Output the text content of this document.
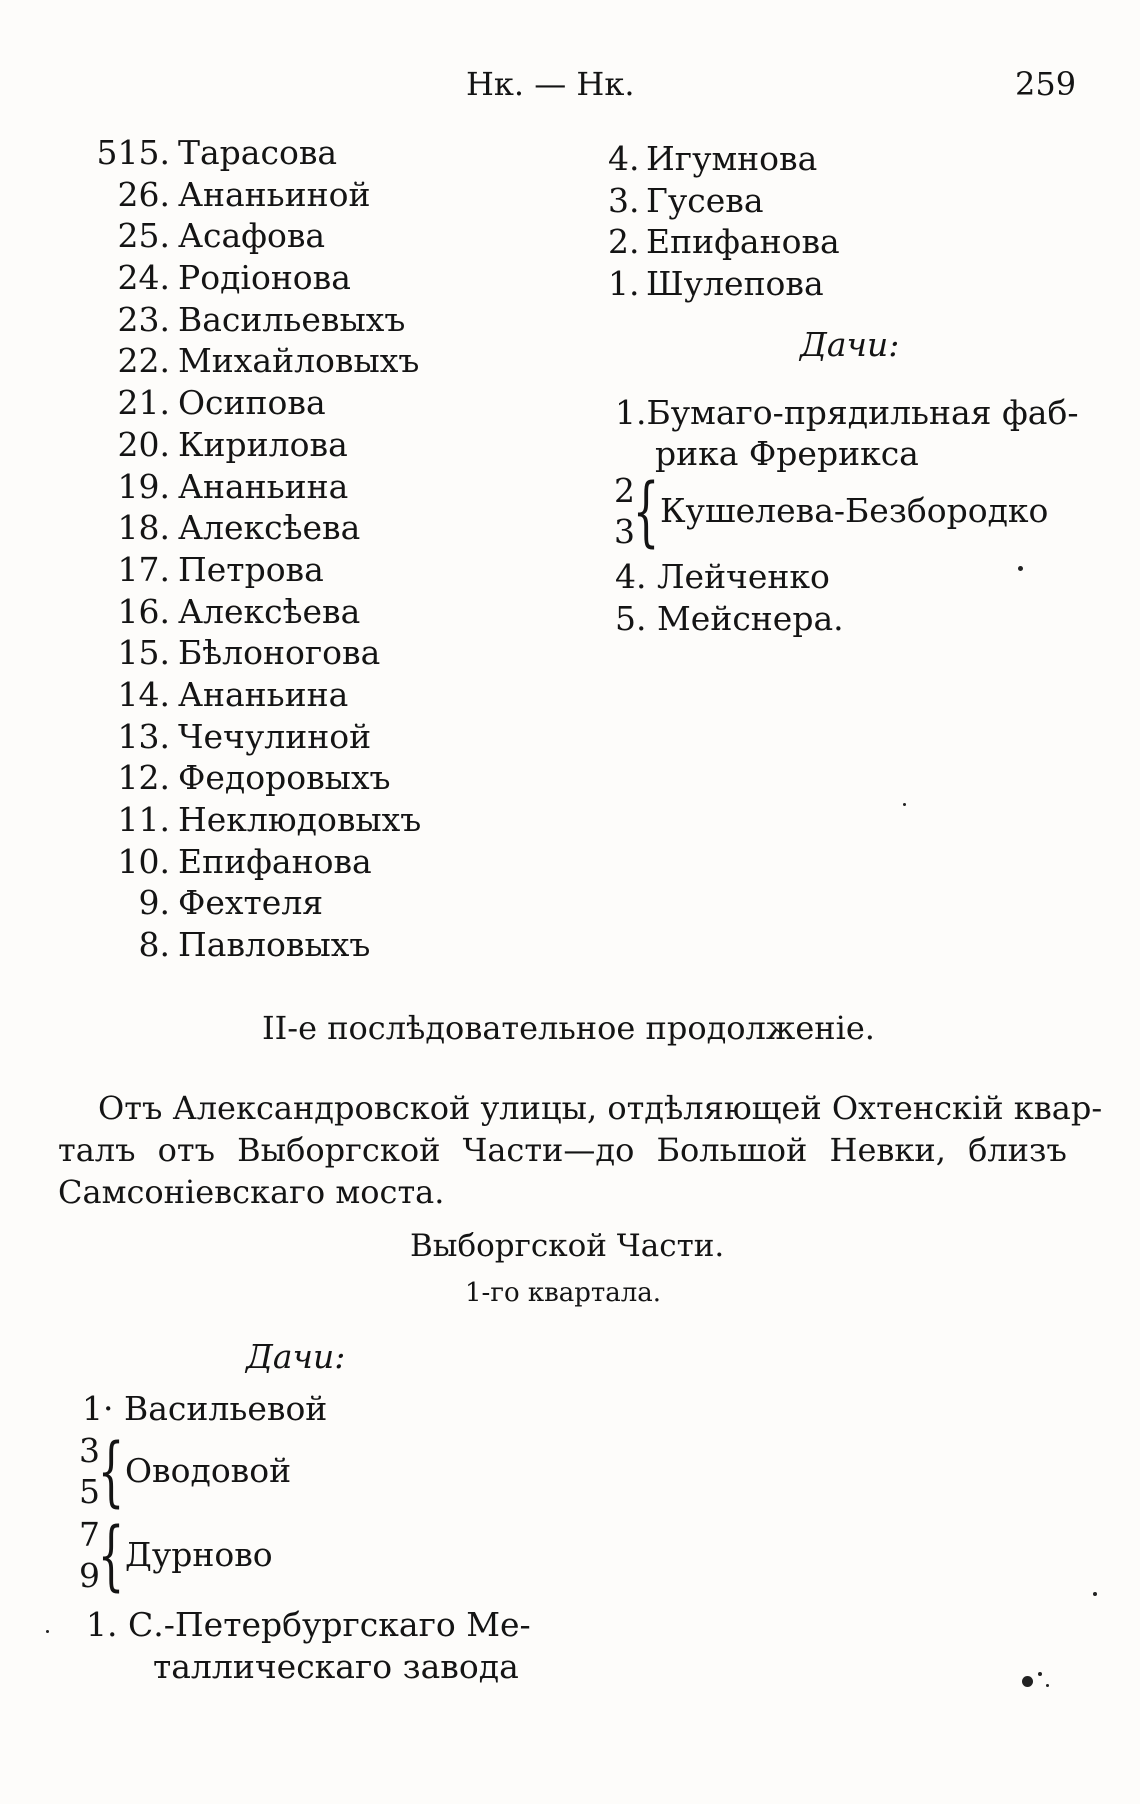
Нк. — Нк.	259
515. Тарасова
26. Ананьиной
25. Асафова
24. Родіонова
23. Васильевыхъ
22. Михайловыхъ
21. Осипова
20. Кирилова
19. Ананьина
18. Алексѣева
17. Петрова
16. Алексѣева
15. Бѣлоногова
14. Ананьина
13. Чечулиной
12. Федоровыхъ
11. Неклюдовыхъ
10. Епифанова
9. Фехтеля
8. Павловыхъ
4. Игумнова
3. Гусева
2. Епифанова
1. Шулепова
Дачи:
1.Бумаго-прядильная фаб-
рика Фрерикса
2
3
{ Кушелева-Безбородко
4. Лейченко
5. Мейснера.
II-е послѣдовательное продолженіе.
Отъ Александровской улицы, отдѣляющей Охтенскій квар-
талъ отъ Выборгской Части—до Большой Невки, близъ
Самсоніевскаго моста.
Выборгской Части.
1-го квартала.
Дачи:
1· Васильевой
3
5
{ Оводовой
7
9
{ Дурново
1. С.-Петербургскаго Ме-
таллическаго завода
